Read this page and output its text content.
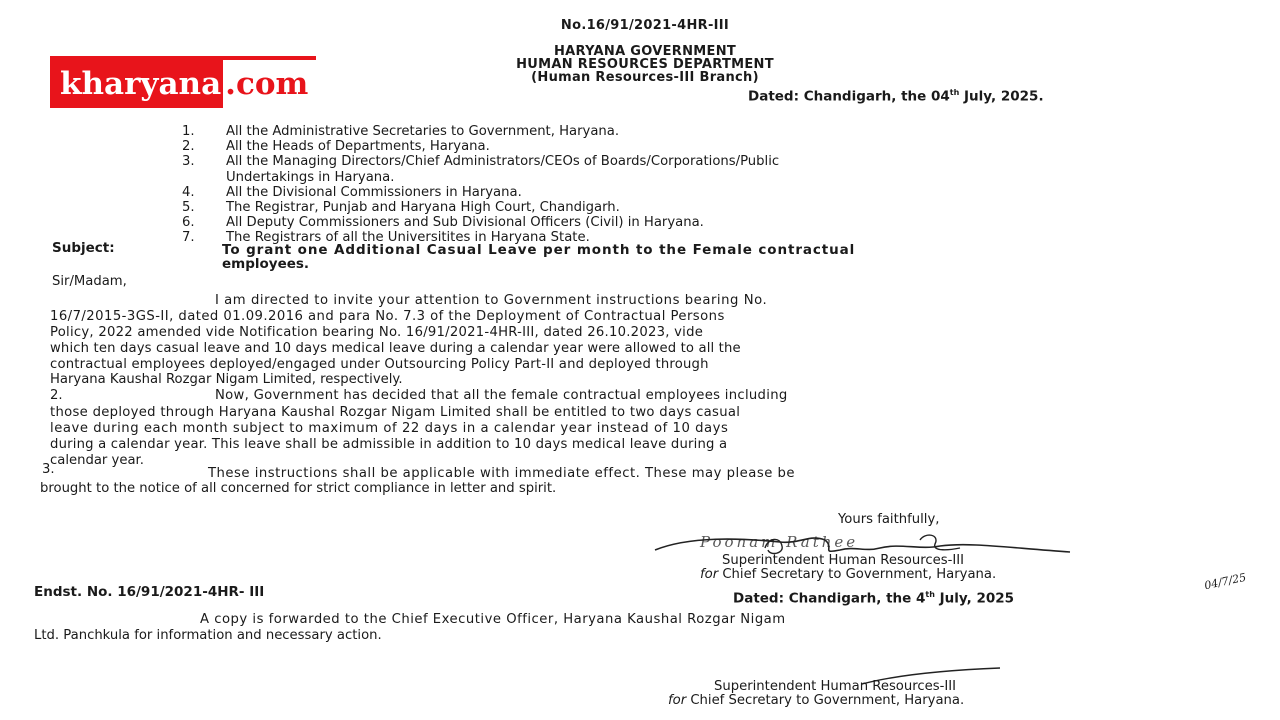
kharyana .com
No.16/91/2021-4HR-III
HARYANA GOVERNMENT
HUMAN RESOURCES DEPARTMENT
(Human Resources-III Branch)
Dated: Chandigarh, the 04th July, 2025.
1.	All the Administrative Secretaries to Government, Haryana.
2.	All the Heads of Departments, Haryana.
3.	All the Managing Directors/Chief Administrators/CEOs of Boards/Corporations/Public
Undertakings in Haryana.
4.	All the Divisional Commissioners in Haryana.
5.	The Registrar, Punjab and Haryana High Court, Chandigarh.
6.	All Deputy Commissioners and Sub Divisional Officers (Civil) in Haryana.
7.	The Registrars of all the Universitites in Haryana State.
Subject:	To grant one Additional Casual Leave per month to the Female contractual
employees.
Sir/Madam,
I am directed to invite your attention to Government instructions bearing No.
16/7/2015-3GS-II, dated 01.09.2016 and para No. 7.3 of the Deployment of Contractual Persons
Policy, 2022 amended vide Notification bearing No. 16/91/2021-4HR-III, dated 26.10.2023, vide
which ten days casual leave and 10 days medical leave during a calendar year were allowed to all the
contractual employees deployed/engaged under Outsourcing Policy Part-II and deployed through
Haryana Kaushal Rozgar Nigam Limited, respectively.
2.	Now, Government has decided that all the female contractual employees including
those deployed through Haryana Kaushal Rozgar Nigam Limited shall be entitled to two days casual
leave during each month subject to maximum of 22 days in a calendar year instead of 10 days
during a calendar year. This leave shall be admissible in addition to 10 days medical leave during a
calendar year.
3.	These instructions shall be applicable with immediate effect. These may please be
brought to the notice of all concerned for strict compliance in letter and spirit.
Yours faithfully,
Poonam Rathee
Superintendent Human Resources-III
for Chief Secretary to Government, Haryana.	04/7/25
Endst. No. 16/91/2021-4HR- III	Dated: Chandigarh, the 4th July, 2025
A copy is forwarded to the Chief Executive Officer, Haryana Kaushal Rozgar Nigam
Ltd. Panchkula for information and necessary action.
Superintendent Human Resources-III
for Chief Secretary to Government, Haryana.
